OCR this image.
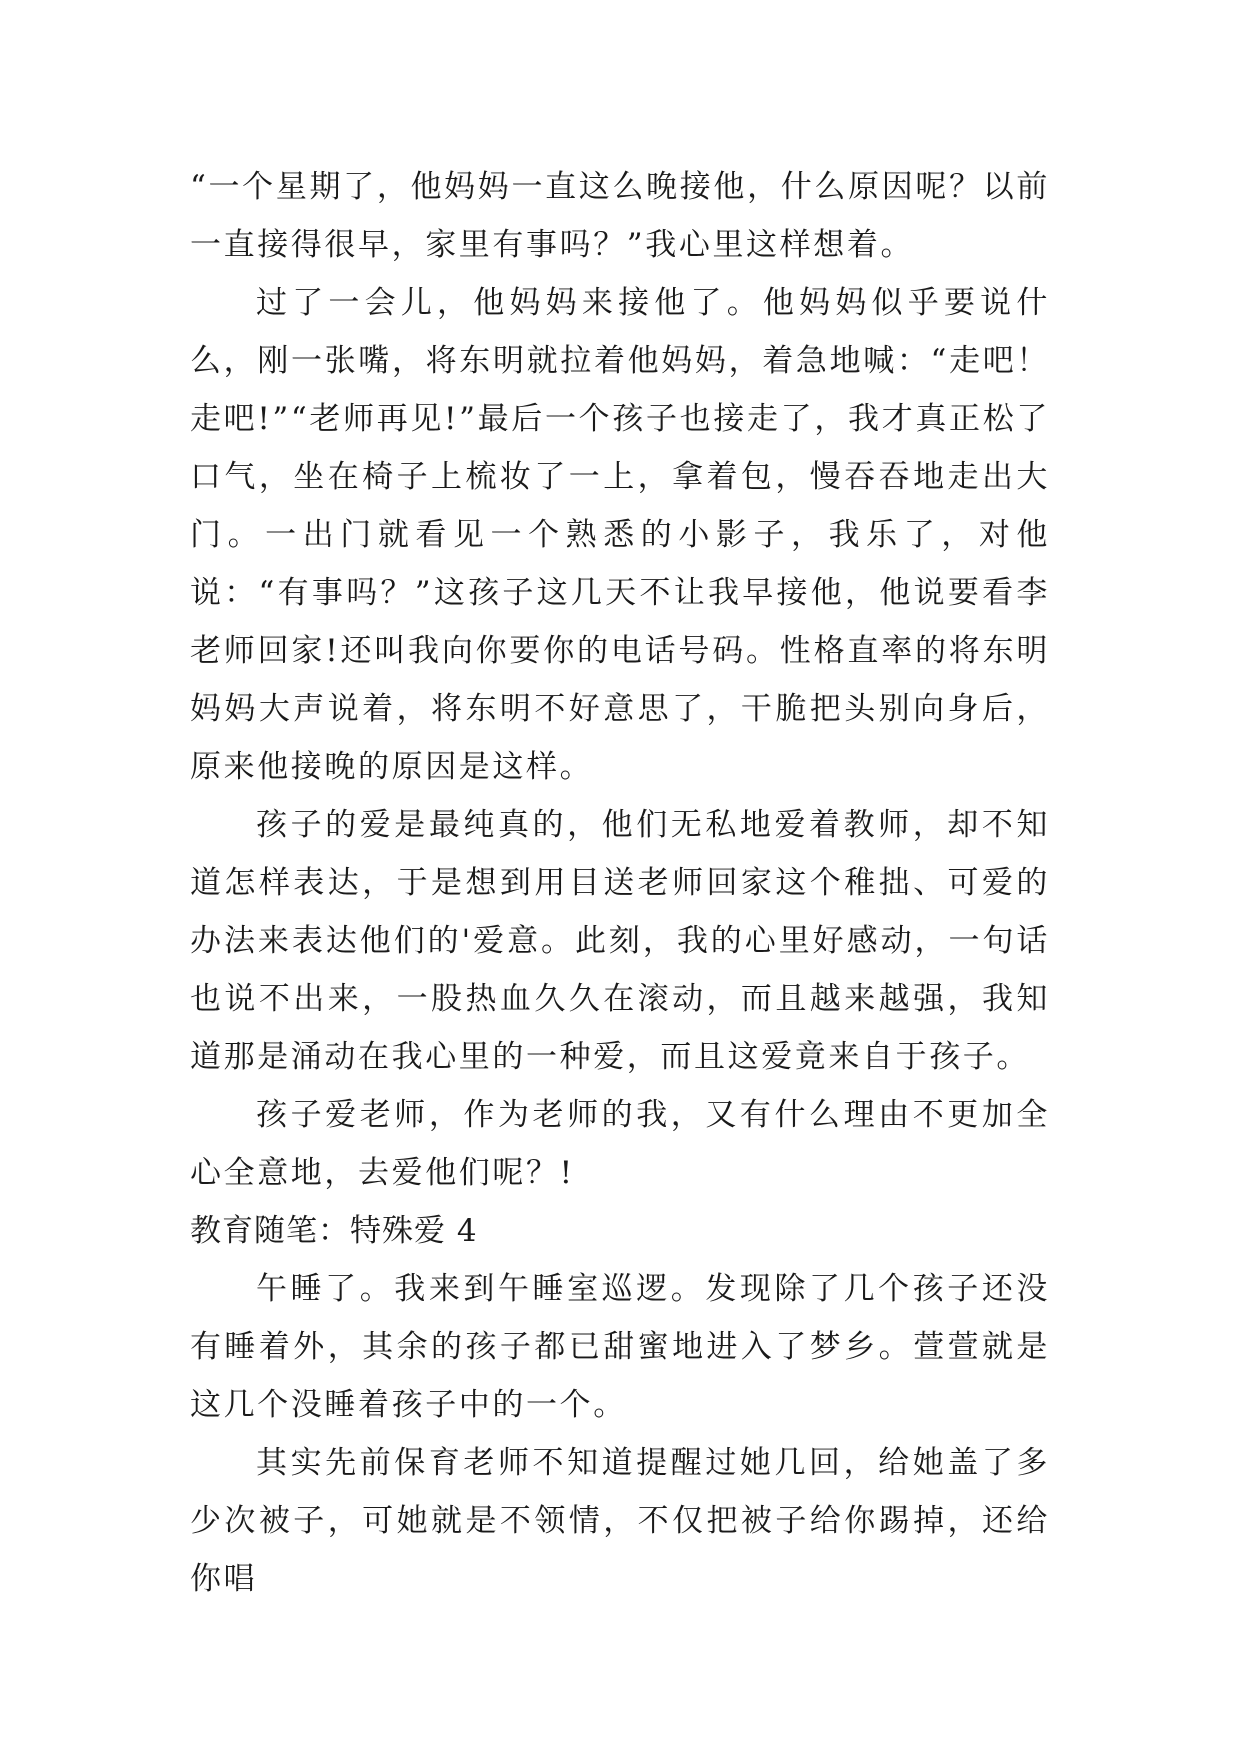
“一个星期了，他妈妈一直这么晚接他，什么原因呢？以前一直接得很早，家里有事吗？”我心里这样想着。

过了一会儿，他妈妈来接他了。他妈妈似乎要说什么，刚一张嘴，将东明就拉着他妈妈，着急地喊：“走吧！走吧!”“老师再见!”最后一个孩子也接走了，我才真正松了口气，坐在椅子上梳妆了一上，拿着包，慢吞吞地走出大门。一出门就看见一个熟悉的小影子，我乐了，对他说：“有事吗？”这孩子这几天不让我早接他，他说要看李老师回家!还叫我向你要你的电话号码。性格直率的将东明妈妈大声说着，将东明不好意思了，干脆把头别向身后，原来他接晚的原因是这样。

孩子的爱是最纯真的，他们无私地爱着教师，却不知道怎样表达，于是想到用目送老师回家这个稚拙、可爱的办法来表达他们的'爱意。此刻，我的心里好感动，一句话也说不出来，一股热血久久在滚动，而且越来越强，我知道那是涌动在我心里的一种爱，而且这爱竟来自于孩子。

孩子爱老师，作为老师的我，又有什么理由不更加全心全意地，去爱他们呢？!

教育随笔：特殊爱 4

午睡了。我来到午睡室巡逻。发现除了几个孩子还没有睡着外，其余的孩子都已甜蜜地进入了梦乡。萱萱就是这几个没睡着孩子中的一个。

其实先前保育老师不知道提醒过她几回，给她盖了多少次被子，可她就是不领情，不仅把被子给你踢掉，还给你唱
